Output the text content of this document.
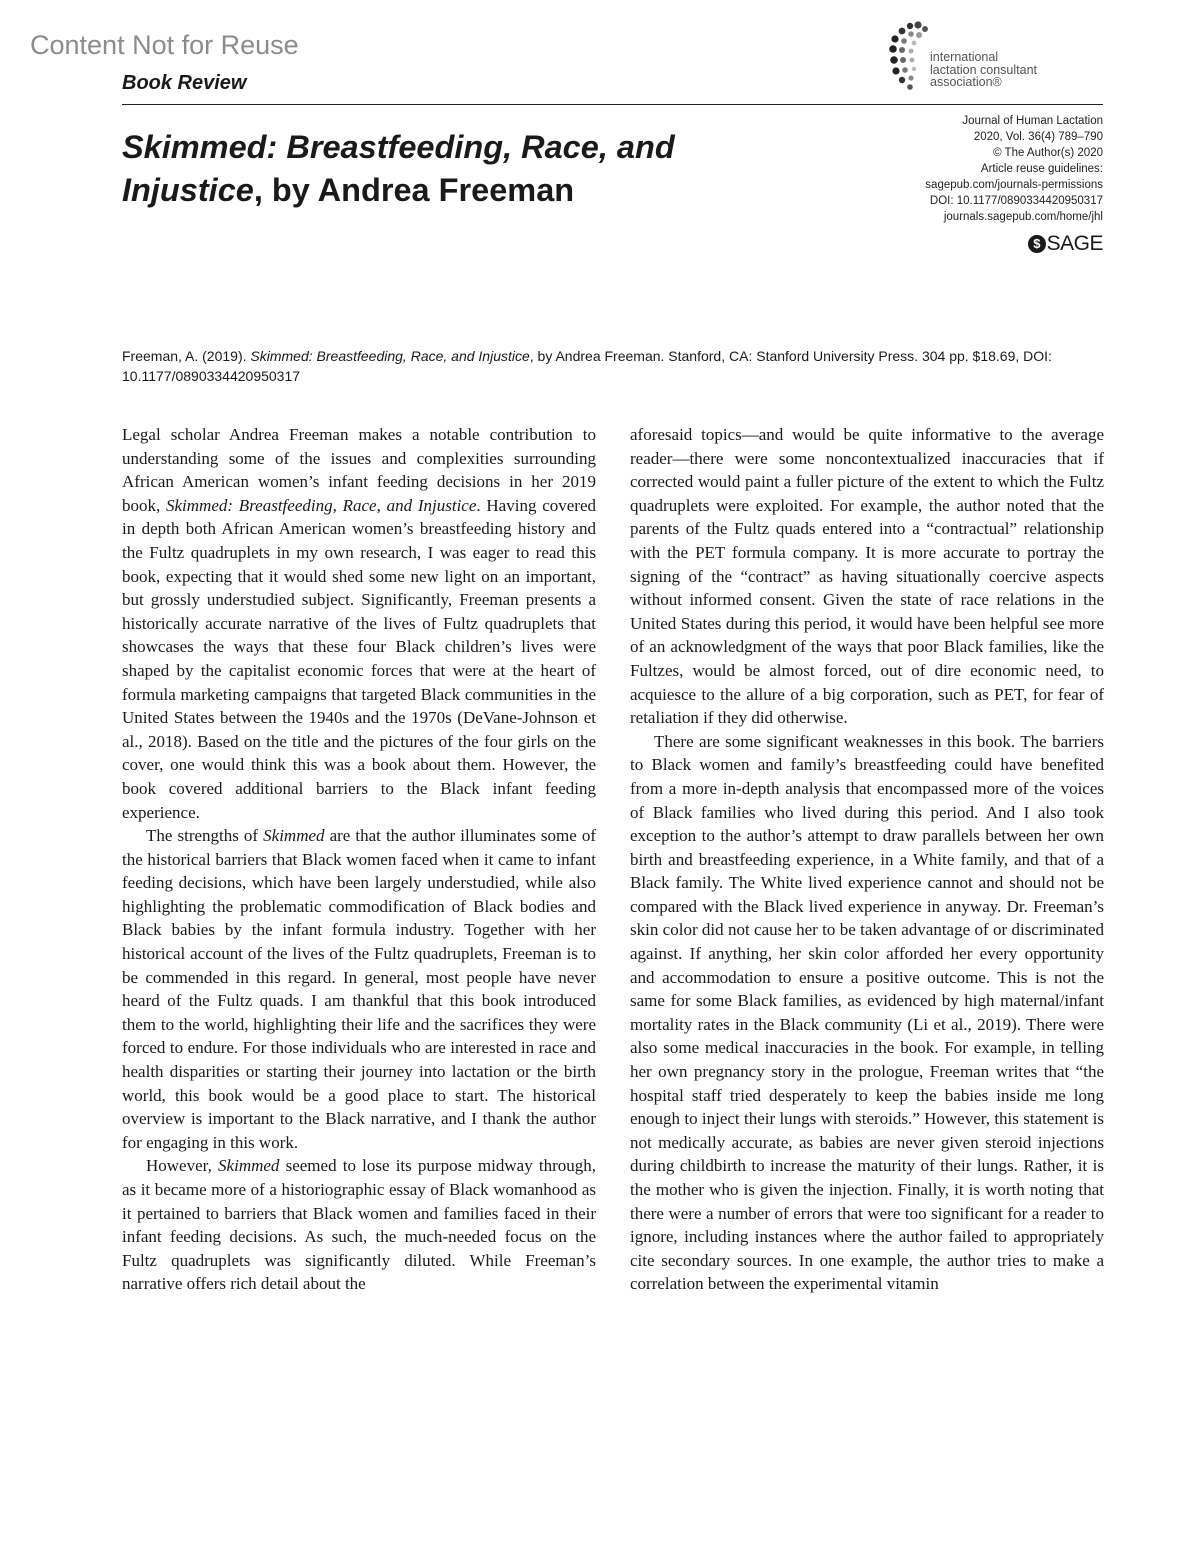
Content Not for Reuse
Book Review
international
lactation consultant
association®
Skimmed: Breastfeeding, Race, and Injustice, by Andrea Freeman
Journal of Human Lactation
2020, Vol. 36(4) 789–790
© The Author(s) 2020
Article reuse guidelines:
sagepub.com/journals-permissions
DOI: 10.1177/0890334420950317
journals.sagepub.com/home/jhl
$ SAGE
Freeman, A. (2019). Skimmed: Breastfeeding, Race, and Injustice, by Andrea Freeman. Stanford, CA: Stanford University Press. 304 pp. $18.69, DOI: 10.1177/0890334420950317

Legal scholar Andrea Freeman makes a notable contribution to understanding some of the issues and complexities surrounding African American women’s infant feeding decisions in her 2019 book, Skimmed: Breastfeeding, Race, and Injustice. Having covered in depth both African American women’s breastfeeding history and the Fultz quadruplets in my own research, I was eager to read this book, expecting that it would shed some new light on an important, but grossly understudied subject. Significantly, Freeman presents a historically accurate narrative of the lives of Fultz quadruplets that showcases the ways that these four Black children’s lives were shaped by the capitalist economic forces that were at the heart of formula marketing campaigns that targeted Black communities in the United States between the 1940s and the 1970s (DeVane-Johnson et al., 2018). Based on the title and the pictures of the four girls on the cover, one would think this was a book about them. However, the book covered additional barriers to the Black infant feeding experience.

The strengths of Skimmed are that the author illuminates some of the historical barriers that Black women faced when it came to infant feeding decisions, which have been largely understudied, while also highlighting the problematic commodification of Black bodies and Black babies by the infant formula industry. Together with her historical account of the lives of the Fultz quadruplets, Freeman is to be commended in this regard. In general, most people have never heard of the Fultz quads. I am thankful that this book introduced them to the world, highlighting their life and the sacrifices they were forced to endure. For those individuals who are interested in race and health disparities or starting their journey into lactation or the birth world, this book would be a good place to start. The historical overview is important to the Black narrative, and I thank the author for engaging in this work.

However, Skimmed seemed to lose its purpose midway through, as it became more of a historiographic essay of Black womanhood as it pertained to barriers that Black women and families faced in their infant feeding decisions. As such, the much-needed focus on the Fultz quadruplets was significantly diluted. While Freeman’s narrative offers rich detail about the

aforesaid topics—and would be quite informative to the average reader—there were some noncontextualized inaccuracies that if corrected would paint a fuller picture of the extent to which the Fultz quadruplets were exploited. For example, the author noted that the parents of the Fultz quads entered into a “contractual” relationship with the PET formula company. It is more accurate to portray the signing of the “contract” as having situationally coercive aspects without informed consent. Given the state of race relations in the United States during this period, it would have been helpful see more of an acknowledgment of the ways that poor Black families, like the Fultzes, would be almost forced, out of dire economic need, to acquiesce to the allure of a big corporation, such as PET, for fear of retaliation if they did otherwise.

There are some significant weaknesses in this book. The barriers to Black women and family’s breastfeeding could have benefited from a more in-depth analysis that encompassed more of the voices of Black families who lived during this period. And I also took exception to the author’s attempt to draw parallels between her own birth and breastfeeding experience, in a White family, and that of a Black family. The White lived experience cannot and should not be compared with the Black lived experience in anyway. Dr. Freeman’s skin color did not cause her to be taken advantage of or discriminated against. If anything, her skin color afforded her every opportunity and accommodation to ensure a positive outcome. This is not the same for some Black families, as evidenced by high maternal/infant mortality rates in the Black community (Li et al., 2019). There were also some medical inaccuracies in the book. For example, in telling her own pregnancy story in the prologue, Freeman writes that “the hospital staff tried desperately to keep the babies inside me long enough to inject their lungs with steroids.” However, this statement is not medically accurate, as babies are never given steroid injections during childbirth to increase the maturity of their lungs. Rather, it is the mother who is given the injection. Finally, it is worth noting that there were a number of errors that were too significant for a reader to ignore, including instances where the author failed to appropriately cite secondary sources. In one example, the author tries to make a correlation between the experimental vitamin
